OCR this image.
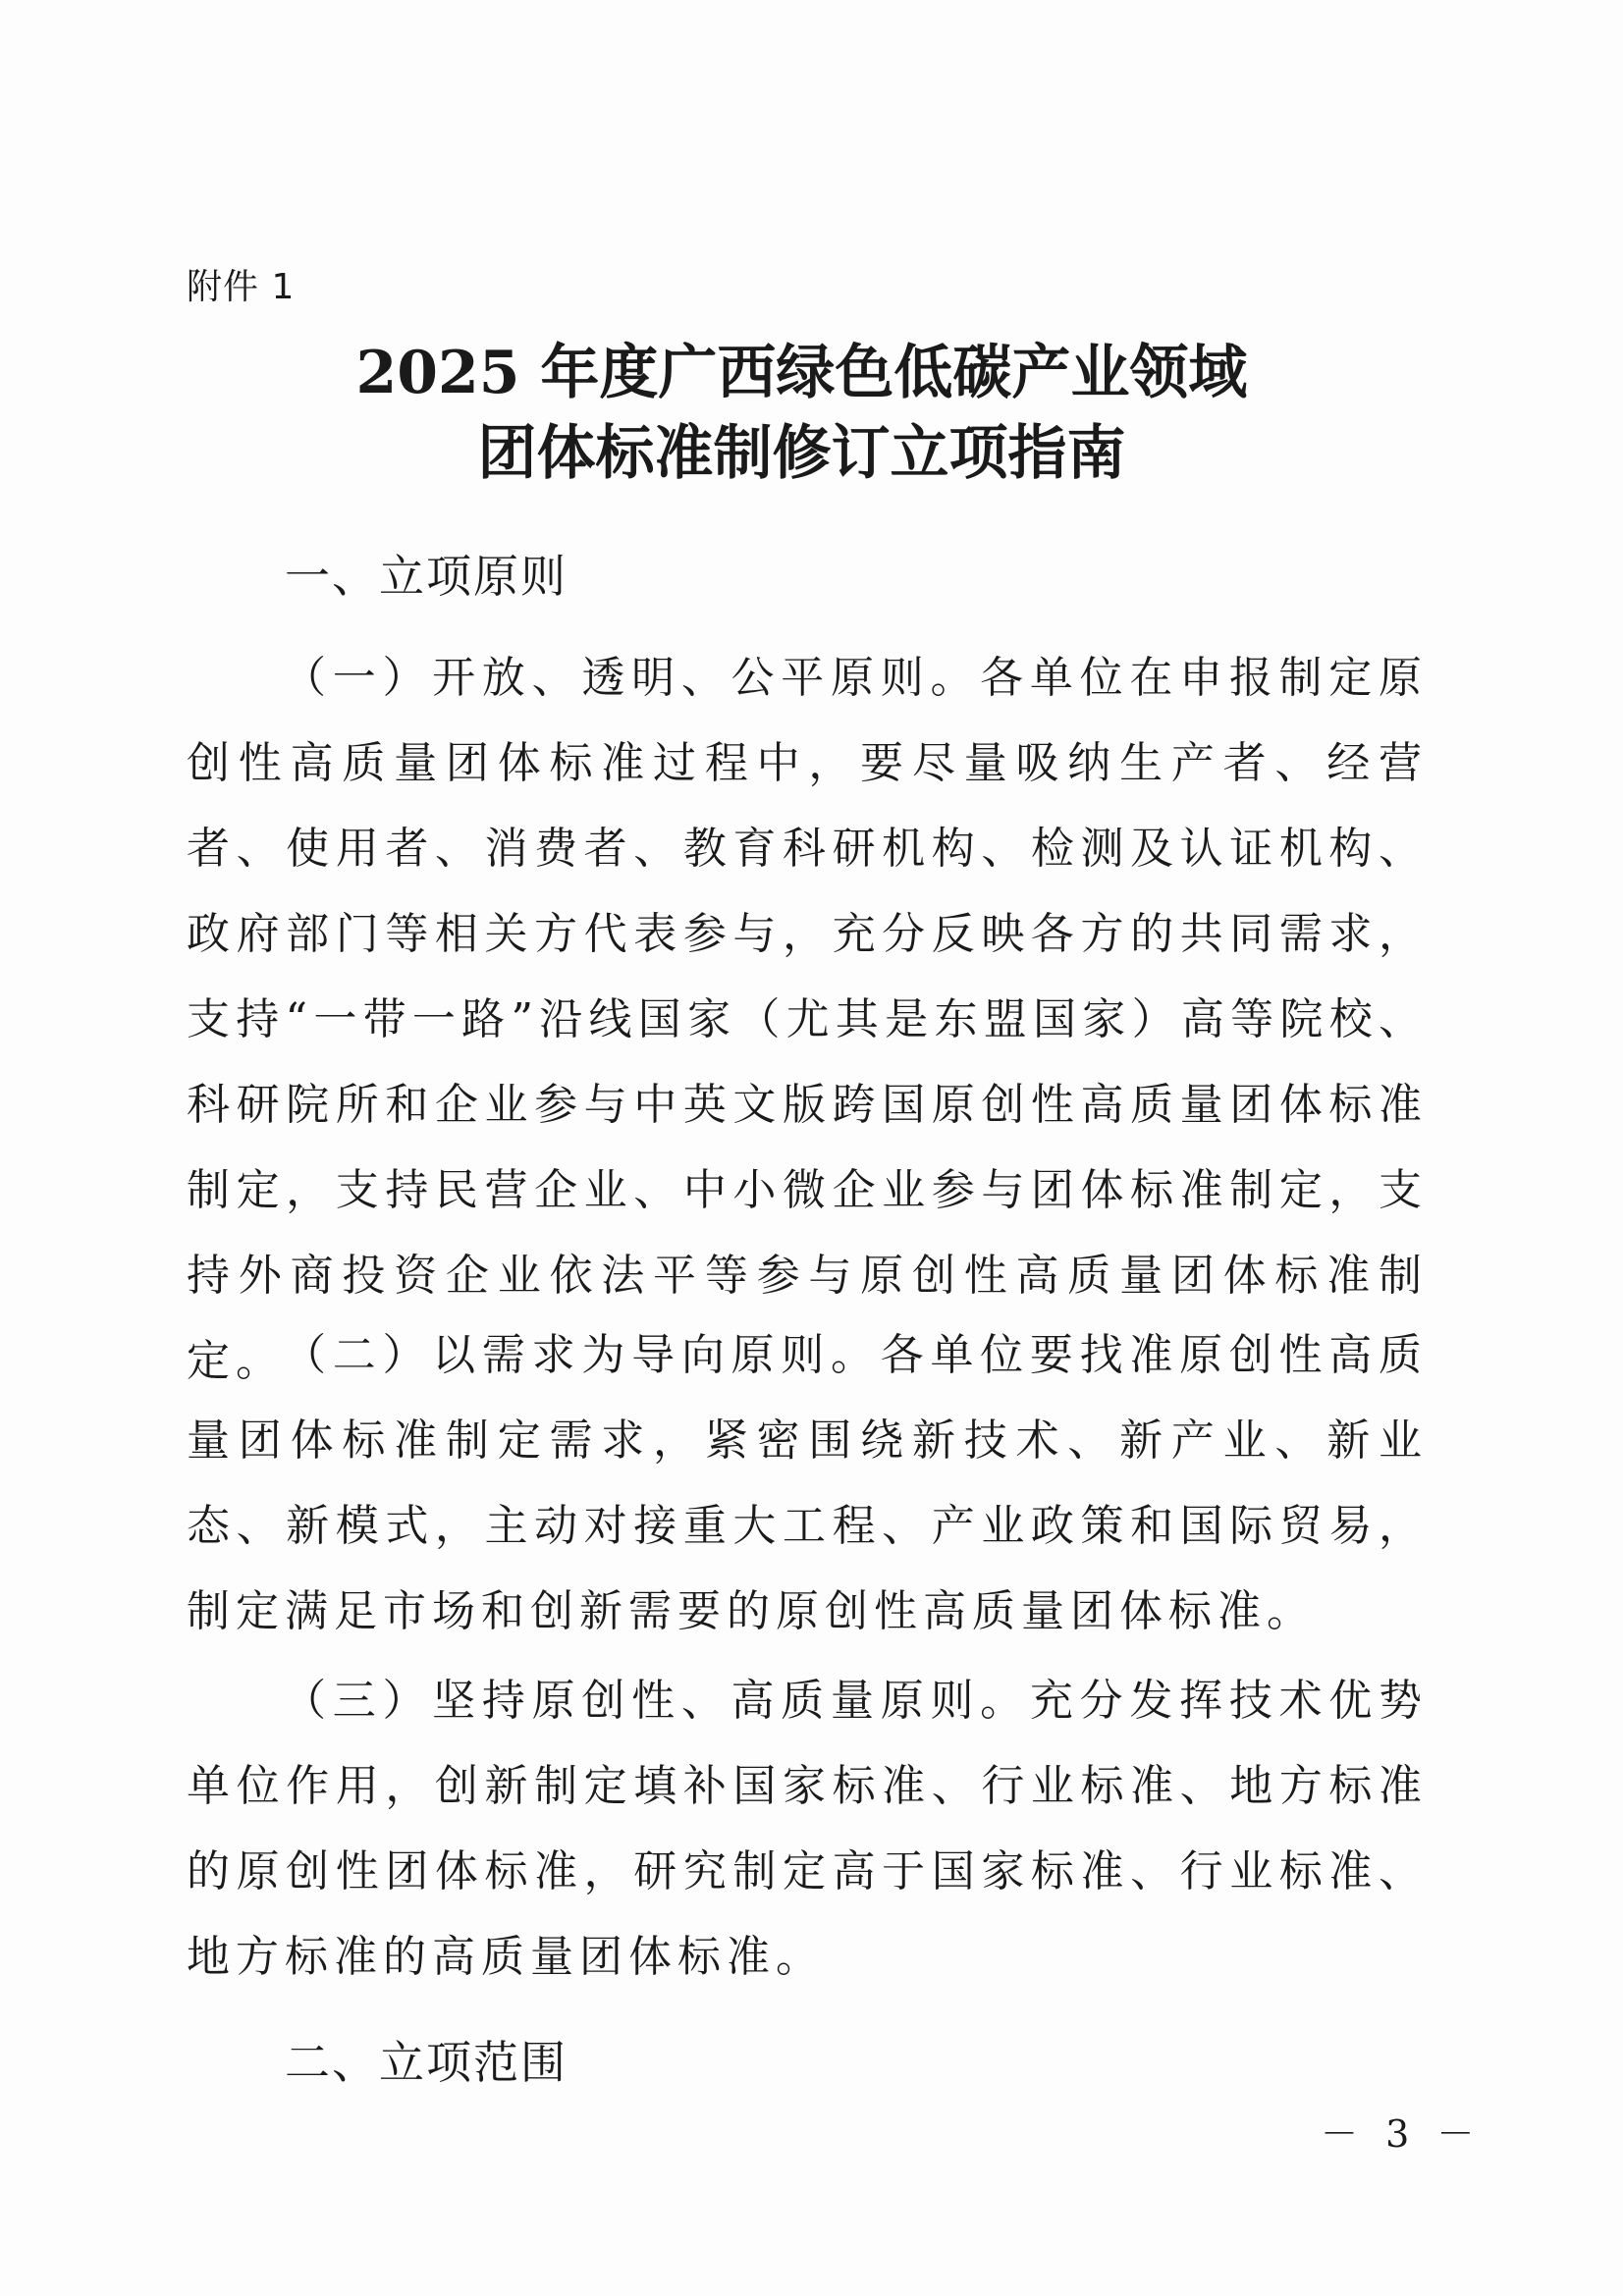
附件 1
2025 年度广西绿色低碳产业领域
团体标准制修订立项指南
一、立项原则

（一）开放、透明、公平原则。各单位在申报制定原创性高质量团体标准过程中，要尽量吸纳生产者、经营者、使用者、消费者、教育科研机构、检测及认证机构、政府部门等相关方代表参与，充分反映各方的共同需求，支持“一带一路”沿线国家（尤其是东盟国家）高等院校、科研院所和企业参与中英文版跨国原创性高质量团体标准制定，支持民营企业、中小微企业参与团体标准制定，支持外商投资企业依法平等参与原创性高质量团体标准制定。

（二）以需求为导向原则。各单位要找准原创性高质量团体标准制定需求，紧密围绕新技术、新产业、新业态、新模式，主动对接重大工程、产业政策和国际贸易，制定满足市场和创新需要的原创性高质量团体标准。

（三）坚持原创性、高质量原则。充分发挥技术优势单位作用，创新制定填补国家标准、行业标准、地方标准的原创性团体标准，研究制定高于国家标准、行业标准、地方标准的高质量团体标准。

二、立项范围
－ 3 －
